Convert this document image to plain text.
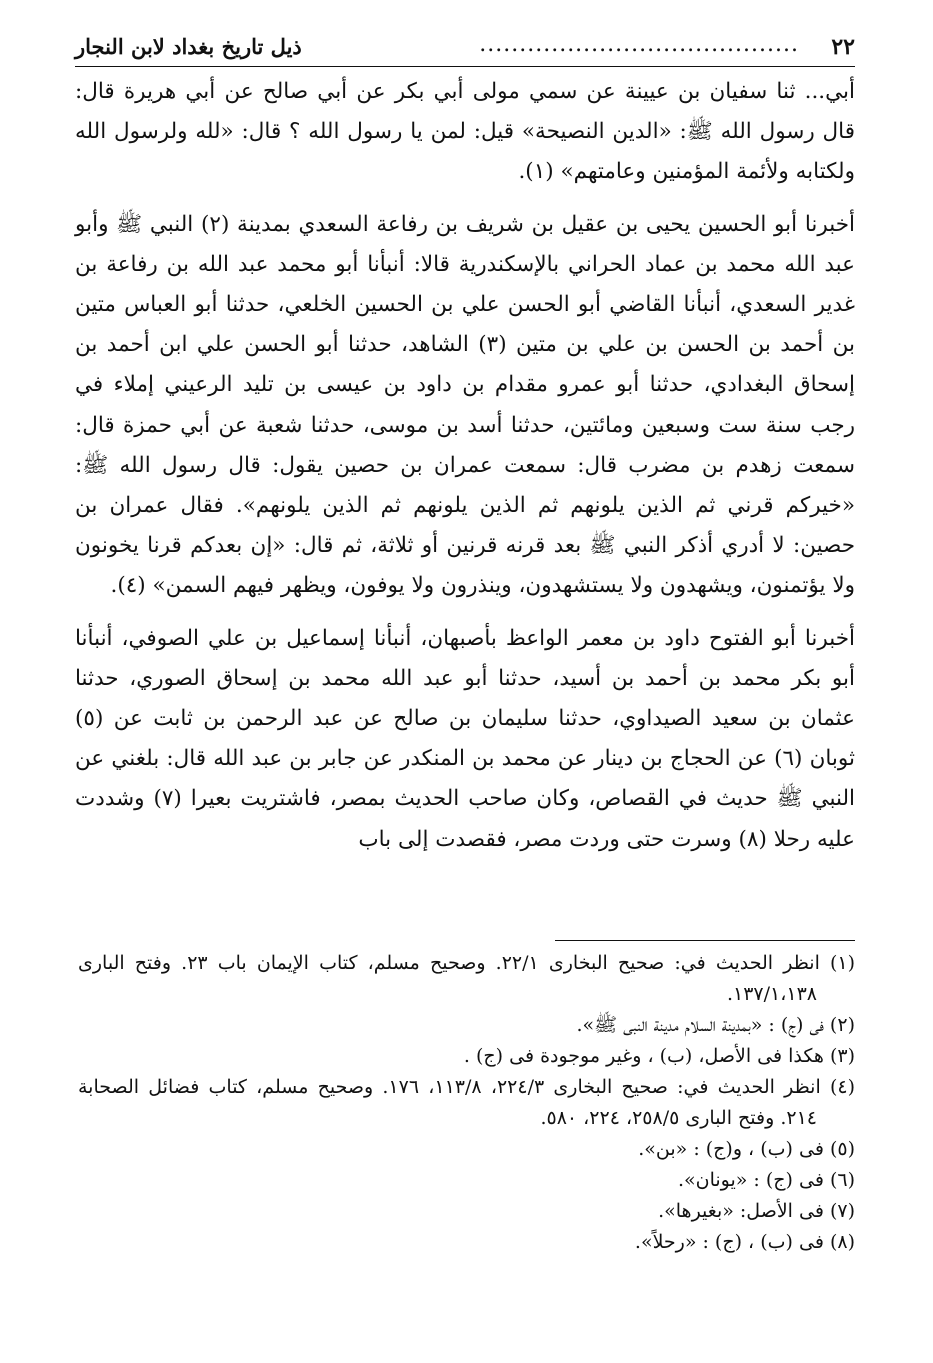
٢٢
........................................
ذيل تاريخ بغداد لابن النجار

أبي... ثنا سفيان بن عيينة عن سمي مولى أبي بكر عن أبي صالح عن أبي هريرة قال: قال رسول الله ﷺ: «الدين النصيحة» قيل: لمن يا رسول الله ؟ قال: «لله ولرسول الله ولكتابه ولأئمة المؤمنين وعامتهم» (١).

أخبرنا أبو الحسين يحيى بن عقيل بن شريف بن رفاعة السعدي بمدينة (٢) النبي ﷺ وأبو عبد الله محمد بن عماد الحراني بالإسكندرية قالا: أنبأنا أبو محمد عبد الله بن رفاعة بن غدير السعدي، أنبأنا القاضي أبو الحسن علي بن الحسين الخلعي، حدثنا أبو العباس متين بن أحمد بن الحسن بن علي بن متين (٣) الشاهد، حدثنا أبو الحسن علي ابن أحمد بن إسحاق البغدادي، حدثنا أبو عمرو مقدام بن داود بن عيسى بن تليد الرعيني إملاء في رجب سنة ست وسبعين ومائتين، حدثنا أسد بن موسى، حدثنا شعبة عن أبي حمزة قال: سمعت زهدم بن مضرب قال: سمعت عمران بن حصين يقول: قال رسول الله ﷺ: «خيركم قرني ثم الذين يلونهم ثم الذين يلونهم ثم الذين يلونهم». فقال عمران بن حصين: لا أدري أذكر النبي ﷺ بعد قرنه قرنين أو ثلاثة، ثم قال: «إن بعدكم قرنا يخونون ولا يؤتمنون، ويشهدون ولا يستشهدون، وينذرون ولا يوفون، ويظهر فيهم السمن» (٤).

أخبرنا أبو الفتوح داود بن معمر الواعظ بأصبهان، أنبأنا إسماعيل بن علي الصوفي، أنبأنا أبو بكر محمد بن أحمد بن أسيد، حدثنا أبو عبد الله محمد بن إسحاق الصوري، حدثنا عثمان بن سعيد الصيداوي، حدثنا سليمان بن صالح عن عبد الرحمن بن ثابت عن (٥) ثوبان (٦) عن الحجاج بن دينار عن محمد بن المنكدر عن جابر بن عبد الله قال: بلغني عن النبي ﷺ حديث في القصاص، وكان صاحب الحديث بمصر، فاشتريت بعيرا (٧) وشددت عليه رحلا (٨) وسرت حتى وردت مصر، فقصدت إلى باب

(١) انظر الحديث في: صحيح البخارى ٢٢/١. وصحيح مسلم، كتاب الإيمان باب ٢٣. وفتح البارى ١٣٧/١،١٣٨.

(٢) فى (ج) : «بمدينة السلام مدينة النبى ﷺ».

(٣) هكذا فى الأصل، (ب) ، وغير موجودة فى (ج) .

(٤) انظر الحديث في: صحيح البخارى ٢٢٤/٣، ١١٣/٨، ١٧٦. وصحيح مسلم، كتاب فضائل الصحابة ٢١٤. وفتح البارى ٢٥٨/٥، ٢٢٤، ٥٨٠.

(٥) فى (ب) ، و(ج) : «بن».

(٦) فى (ج) : «يونان».

(٧) فى الأصل: «بغيرها».

(٨) فى (ب) ، (ج) : «رحلاً».
